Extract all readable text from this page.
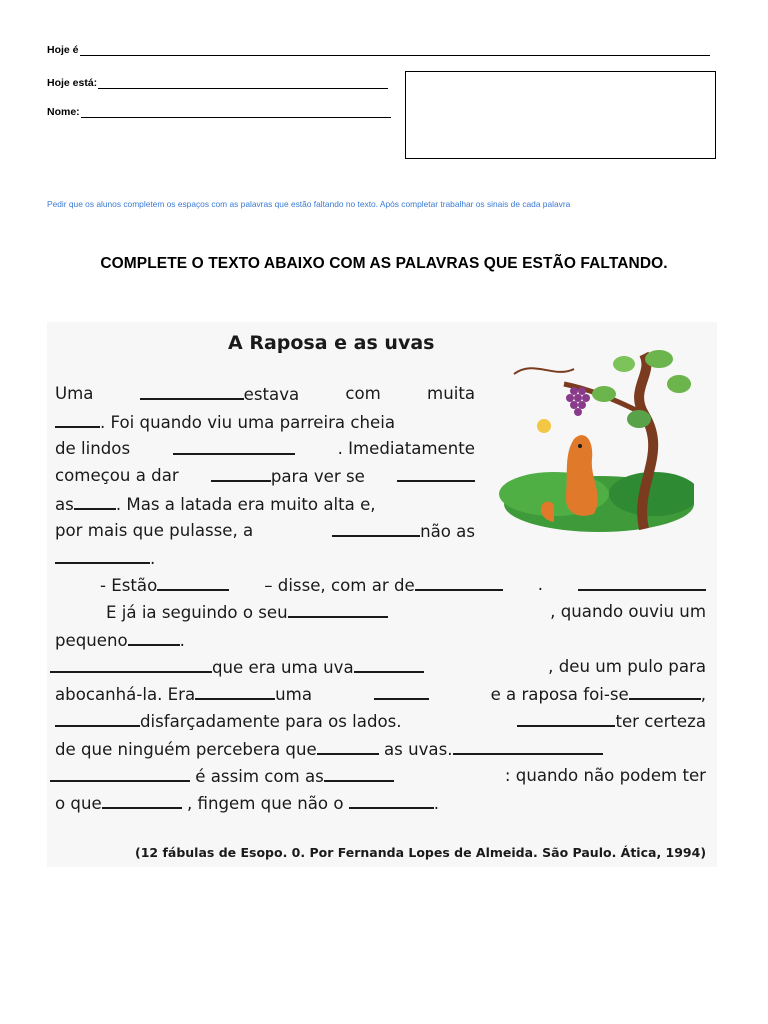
Hoje é
Hoje está:
Nome:
Pedir que os alunos completem os espaços com as palavras que estão faltando no texto. Após completar trabalhar os sinais de cada palavra
COMPLETE O TEXTO ABAIXO COM AS PALAVRAS QUE ESTÃO FALTANDO.
A Raposa e as uvas
Uma	estava	com	muita
. Foi quando viu uma parreira cheia
de lindos	. Imediatamente
começou a dar	para ver se
as	. Mas a latada era muito alta e,
por mais que pulasse, a	não as
.
- Estão	– disse, com ar de	.
E já ia seguindo o seu	, quando ouviu um
pequeno	.
que era uma uva	, deu um pulo para
abocanhá-la. Era	uma	e a raposa foi-se	,
disfarçadamente para os lados.	ter certeza
de que ninguém percebera que	as uvas.
é assim com as	: quando não podem ter
o que	, fingem que não o	.
(12 fábulas de Esopo. 0. Por Fernanda Lopes de Almeida. São Paulo. Ática, 1994)
